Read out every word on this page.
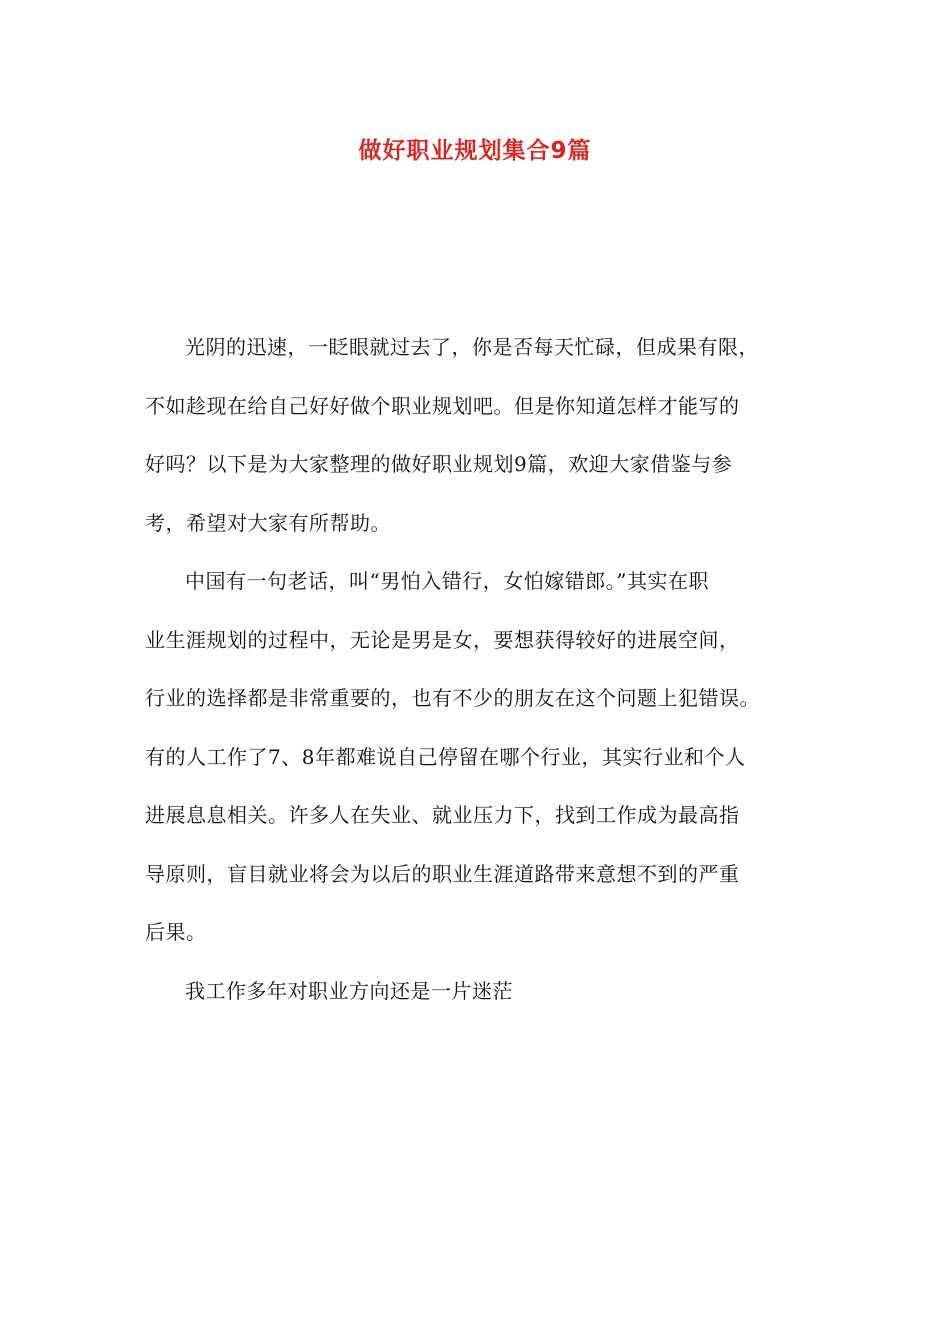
做好职业规划集合9篇

光阴的迅速，一眨眼就过去了，你是否每天忙碌，但成果有限，
不如趁现在给自己好好做个职业规划吧。但是你知道怎样才能写的
好吗？以下是为大家整理的做好职业规划9篇，欢迎大家借鉴与参
考，希望对大家有所帮助。

中国有一句老话，叫“男怕入错行，女怕嫁错郎。”其实在职
业生涯规划的过程中，无论是男是女，要想获得较好的进展空间，
行业的选择都是非常重要的，也有不少的朋友在这个问题上犯错误。
有的人工作了7、8年都难说自己停留在哪个行业，其实行业和个人
进展息息相关。许多人在失业、就业压力下，找到工作成为最高指
导原则，盲目就业将会为以后的职业生涯道路带来意想不到的严重
后果。

我工作多年对职业方向还是一片迷茫
